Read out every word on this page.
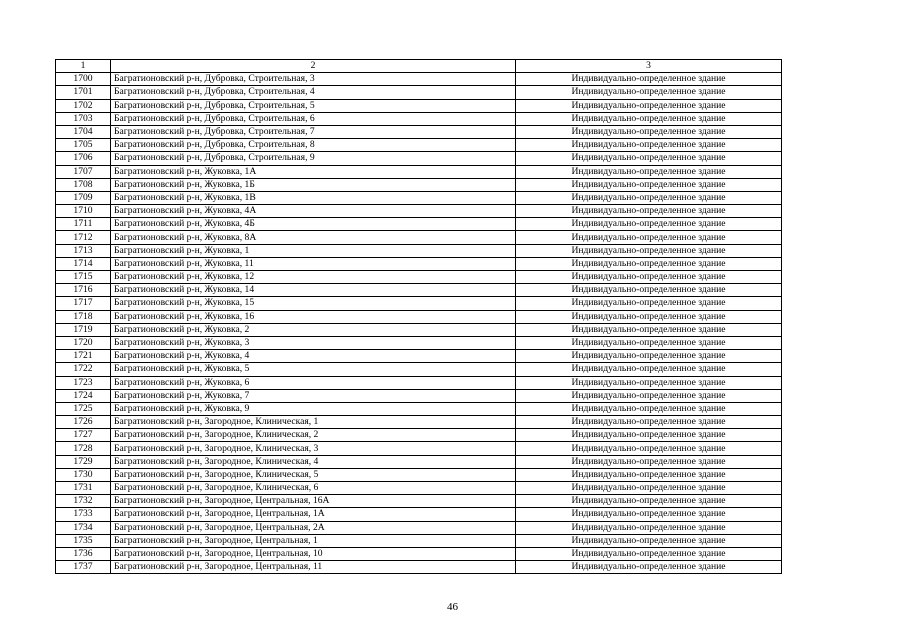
1	2	3
1700	Багратионовский р-н, Дубровка, Строительная, 3	Индивидуально-определенное здание
1701	Багратионовский р-н, Дубровка, Строительная, 4	Индивидуально-определенное здание
1702	Багратионовский р-н, Дубровка, Строительная, 5	Индивидуально-определенное здание
1703	Багратионовский р-н, Дубровка, Строительная, 6	Индивидуально-определенное здание
1704	Багратионовский р-н, Дубровка, Строительная, 7	Индивидуально-определенное здание
1705	Багратионовский р-н, Дубровка, Строительная, 8	Индивидуально-определенное здание
1706	Багратионовский р-н, Дубровка, Строительная, 9	Индивидуально-определенное здание
1707	Багратионовский р-н, Жуковка, 1А	Индивидуально-определенное здание
1708	Багратионовский р-н, Жуковка, 1Б	Индивидуально-определенное здание
1709	Багратионовский р-н, Жуковка, 1В	Индивидуально-определенное здание
1710	Багратионовский р-н, Жуковка, 4А	Индивидуально-определенное здание
1711	Багратионовский р-н, Жуковка, 4Б	Индивидуально-определенное здание
1712	Багратионовский р-н, Жуковка, 8А	Индивидуально-определенное здание
1713	Багратионовский р-н, Жуковка, 1	Индивидуально-определенное здание
1714	Багратионовский р-н, Жуковка, 11	Индивидуально-определенное здание
1715	Багратионовский р-н, Жуковка, 12	Индивидуально-определенное здание
1716	Багратионовский р-н, Жуковка, 14	Индивидуально-определенное здание
1717	Багратионовский р-н, Жуковка, 15	Индивидуально-определенное здание
1718	Багратионовский р-н, Жуковка, 16	Индивидуально-определенное здание
1719	Багратионовский р-н, Жуковка, 2	Индивидуально-определенное здание
1720	Багратионовский р-н, Жуковка, 3	Индивидуально-определенное здание
1721	Багратионовский р-н, Жуковка, 4	Индивидуально-определенное здание
1722	Багратионовский р-н, Жуковка, 5	Индивидуально-определенное здание
1723	Багратионовский р-н, Жуковка, 6	Индивидуально-определенное здание
1724	Багратионовский р-н, Жуковка, 7	Индивидуально-определенное здание
1725	Багратионовский р-н, Жуковка, 9	Индивидуально-определенное здание
1726	Багратионовский р-н, Загородное, Клиническая, 1	Индивидуально-определенное здание
1727	Багратионовский р-н, Загородное, Клиническая, 2	Индивидуально-определенное здание
1728	Багратионовский р-н, Загородное, Клиническая, 3	Индивидуально-определенное здание
1729	Багратионовский р-н, Загородное, Клиническая, 4	Индивидуально-определенное здание
1730	Багратионовский р-н, Загородное, Клиническая, 5	Индивидуально-определенное здание
1731	Багратионовский р-н, Загородное, Клиническая, 6	Индивидуально-определенное здание
1732	Багратионовский р-н, Загородное, Центральная, 16А	Индивидуально-определенное здание
1733	Багратионовский р-н, Загородное, Центральная, 1А	Индивидуально-определенное здание
1734	Багратионовский р-н, Загородное, Центральная, 2А	Индивидуально-определенное здание
1735	Багратионовский р-н, Загородное, Центральная, 1	Индивидуально-определенное здание
1736	Багратионовский р-н, Загородное, Центральная, 10	Индивидуально-определенное здание
1737	Багратионовский р-н, Загородное, Центральная, 11	Индивидуально-определенное здание
46
